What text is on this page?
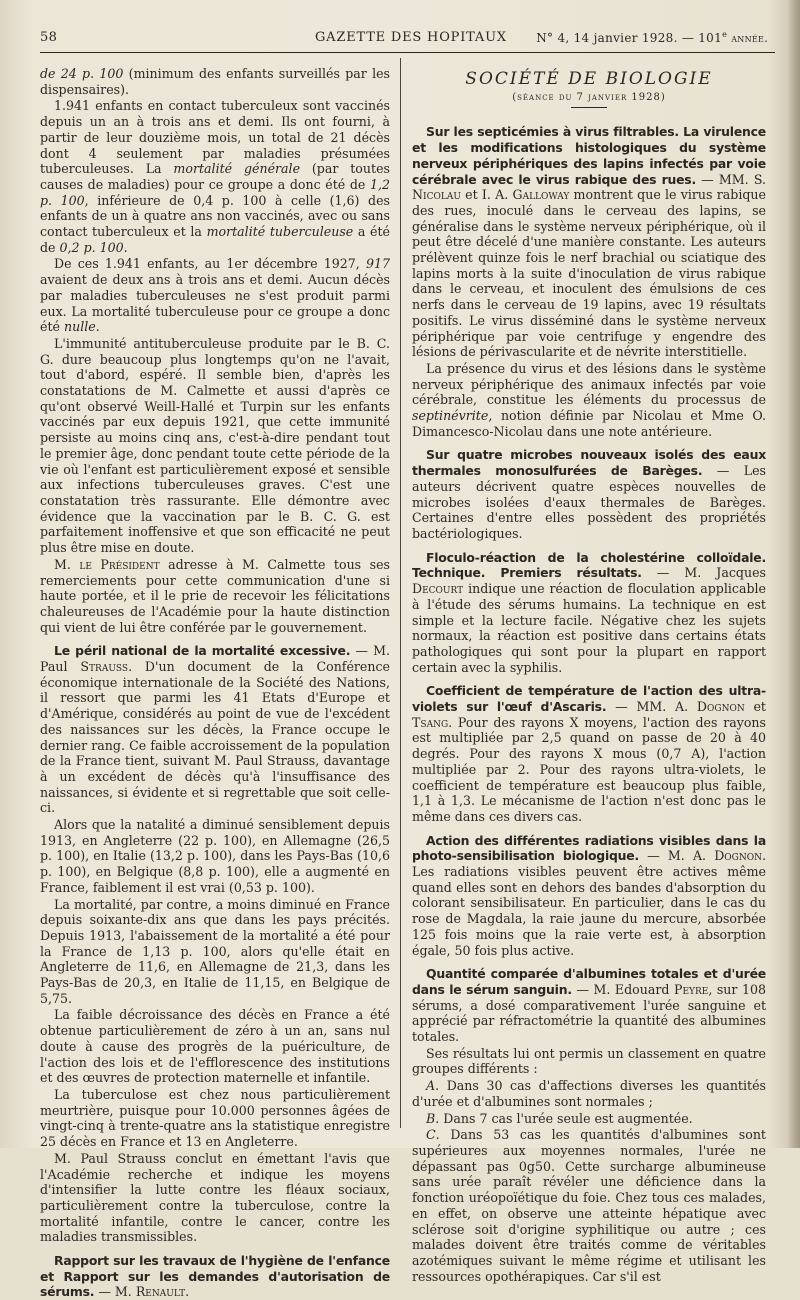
58	GAZETTE DES HOPITAUX N° 4, 14 janvier 1928. — 101e année.

de 24 p. 100 (minimum des enfants surveillés par les dispensaires).

1.941 enfants en contact tuberculeux sont vaccinés depuis un an à trois ans et demi. Ils ont fourni, à partir de leur douzième mois, un total de 21 décès dont 4 seulement par maladies présumées tuberculeuses. La mortalité générale (par toutes causes de maladies) pour ce groupe a donc été de 1,2 p. 100, inférieure de 0,4 p. 100 à celle (1,6) des enfants de un à quatre ans non vaccinés, avec ou sans contact tuberculeux et la mortalité tuberculeuse a été de 0,2 p. 100.

De ces 1.941 enfants, au 1er décembre 1927, 917 avaient de deux ans à trois ans et demi. Aucun décès par maladies tuberculeuses ne s'est produit parmi eux. La mortalité tuberculeuse pour ce groupe a donc été nulle.

L'immunité antituberculeuse produite par le B. C. G. dure beaucoup plus longtemps qu'on ne l'avait, tout d'abord, espéré. Il semble bien, d'après les constatations de M. Calmette et aussi d'après ce qu'ont observé Weill-Hallé et Turpin sur les enfants vaccinés par eux depuis 1921, que cette immunité persiste au moins cinq ans, c'est-à-dire pendant tout le premier âge, donc pendant toute cette période de la vie où l'enfant est particulièrement exposé et sensible aux infections tuberculeuses graves. C'est une constatation très rassurante. Elle démontre avec évidence que la vaccination par le B. C. G. est parfaitement inoffensive et que son efficacité ne peut plus être mise en doute.

M. le Président adresse à M. Calmette tous ses remerciements pour cette communication d'une si haute portée, et il le prie de recevoir les félicitations chaleureuses de l'Académie pour la haute distinction qui vient de lui être conférée par le gouvernement.

Le péril national de la mortalité excessive. — M. Paul Strauss. D'un document de la Conférence économique internationale de la Société des Nations, il ressort que parmi les 41 Etats d'Europe et d'Amérique, considérés au point de vue de l'excédent des naissances sur les décès, la France occupe le dernier rang. Ce faible accroissement de la population de la France tient, suivant M. Paul Strauss, davantage à un excédent de décès qu'à l'insuffisance des naissances, si évidente et si regrettable que soit celle-ci.

Alors que la natalité a diminué sensiblement depuis 1913, en Angleterre (22 p. 100), en Allemagne (26,5 p. 100), en Italie (13,2 p. 100), dans les Pays-Bas (10,6 p. 100), en Belgique (8,8 p. 100), elle a augmenté en France, faiblement il est vrai (0,53 p. 100).

La mortalité, par contre, a moins diminué en France depuis soixante-dix ans que dans les pays précités. Depuis 1913, l'abaissement de la mortalité a été pour la France de 1,13 p. 100, alors qu'elle était en Angleterre de 11,6, en Allemagne de 21,3, dans les Pays-Bas de 20,3, en Italie de 11,15, en Belgique de 5,75.

La faible décroissance des décès en France a été obtenue particulièrement de zéro à un an, sans nul doute à cause des progrès de la puériculture, de l'action des lois et de l'efflorescence des institutions et des œuvres de protection maternelle et infantile.

La tuberculose est chez nous particulièrement meurtrière, puisque pour 10.000 personnes âgées de vingt-cinq à trente-quatre ans la statistique enregistre 25 décès en France et 13 en Angleterre.

M. Paul Strauss conclut en émettant l'avis que l'Académie recherche et indique les moyens d'intensifier la lutte contre les fléaux sociaux, particulièrement contre la tuberculose, contre la mortalité infantile, contre le cancer, contre les maladies transmissibles.

Rapport sur les travaux de l'hygiène de l'enfance et Rapport sur les demandes d'autorisation de sérums. — M. Renault.

SOCIÉTÉ DE BIOLOGIE
(séance du 7 janvier 1928)

Sur les septicémies à virus filtrables. La virulence et les modifications histologiques du système nerveux périphériques des lapins infectés par voie cérébrale avec le virus rabique des rues. — MM. S. Nicolau et I. A. Galloway montrent que le virus rabique des rues, inoculé dans le cerveau des lapins, se généralise dans le système nerveux périphérique, où il peut être décelé d'une manière constante. Les auteurs prélèvent quinze fois le nerf brachial ou sciatique des lapins morts à la suite d'inoculation de virus rabique dans le cerveau, et inoculent des émulsions de ces nerfs dans le cerveau de 19 lapins, avec 19 résultats positifs. Le virus disséminé dans le système nerveux périphérique par voie centrifuge y engendre des lésions de périvascularite et de névrite interstitielle.

La présence du virus et des lésions dans le système nerveux périphérique des animaux infectés par voie cérébrale, constitue les éléments du processus de septinévrite, notion définie par Nicolau et Mme O. Dimancesco-Nicolau dans une note antérieure.

Sur quatre microbes nouveaux isolés des eaux thermales monosulfurées de Barèges. — Les auteurs décrivent quatre espèces nouvelles de microbes isolées d'eaux thermales de Barèges. Certaines d'entre elles possèdent des propriétés bactériologiques.

Floculo-réaction de la cholestérine colloïdale. Technique. Premiers résultats. — M. Jacques Decourt indique une réaction de floculation applicable à l'étude des sérums humains. La technique en est simple et la lecture facile. Négative chez les sujets normaux, la réaction est positive dans certains états pathologiques qui sont pour la plupart en rapport certain avec la syphilis.

Coefficient de température de l'action des ultra-violets sur l'œuf d'Ascaris. — MM. A. Dognon et Tsang. Pour des rayons X moyens, l'action des rayons est multipliée par 2,5 quand on passe de 20 à 40 degrés. Pour des rayons X mous (0,7 A), l'action multipliée par 2. Pour des rayons ultra-violets, le coefficient de température est beaucoup plus faible, 1,1 à 1,3. Le mécanisme de l'action n'est donc pas le même dans ces divers cas.

Action des différentes radiations visibles dans la photo-sensibilisation biologique. — M. A. Dognon. Les radiations visibles peuvent être actives même quand elles sont en dehors des bandes d'absorption du colorant sensibilisateur. En particulier, dans le cas du rose de Magdala, la raie jaune du mercure, absorbée 125 fois moins que la raie verte est, à absorption égale, 50 fois plus active.

Quantité comparée d'albumines totales et d'urée dans le sérum sanguin. — M. Edouard Peyre, sur 108 sérums, a dosé comparativement l'urée sanguine et apprécié par réfractométrie la quantité des albumines totales.

Ses résultats lui ont permis un classement en quatre groupes différents :

A. Dans 30 cas d'affections diverses les quantités d'urée et d'albumines sont normales ;

B. Dans 7 cas l'urée seule est augmentée.

C. Dans 53 cas les quantités d'albumines sont supérieures aux moyennes normales, l'urée ne dépassant pas 0g50. Cette surcharge albumineuse sans urée paraît révéler une déficience dans la fonction uréopoïétique du foie. Chez tous ces malades, en effet, on observe une atteinte hépatique avec sclérose soit d'origine syphilitique ou autre ; ces malades doivent être traités comme de véritables azotémiques suivant le même régime et utilisant les ressources opothérapiques. Car s'il est
